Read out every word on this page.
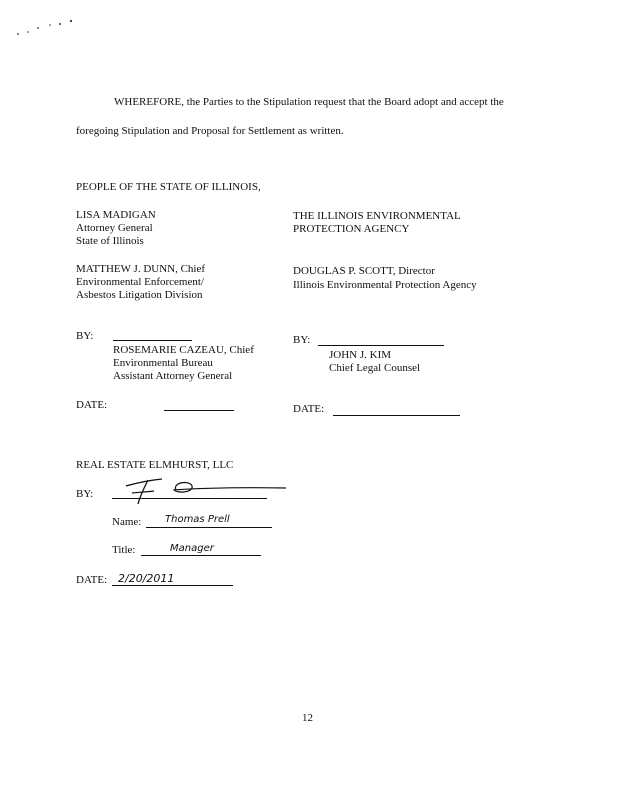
WHEREFORE, the Parties to the Stipulation request that the Board adopt and accept the
foregoing Stipulation and Proposal for Settlement as written.
PEOPLE OF THE STATE OF ILLINOIS,
LISA MADIGAN
Attorney General
State of Illinois
MATTHEW J. DUNN, Chief
Environmental Enforcement/
Asbestos Litigation Division
BY:
ROSEMARIE CAZEAU, Chief
Environmental Bureau
Assistant Attorney General
DATE:
THE ILLINOIS ENVIRONMENTAL
PROTECTION AGENCY
DOUGLAS P. SCOTT, Director
Illinois Environmental Protection Agency
BY:
JOHN J. KIM
Chief Legal Counsel
DATE:
REAL ESTATE ELMHURST, LLC
BY:
Name: Thomas Prell
Title:	Manager
DATE: 2/20/2011
12
